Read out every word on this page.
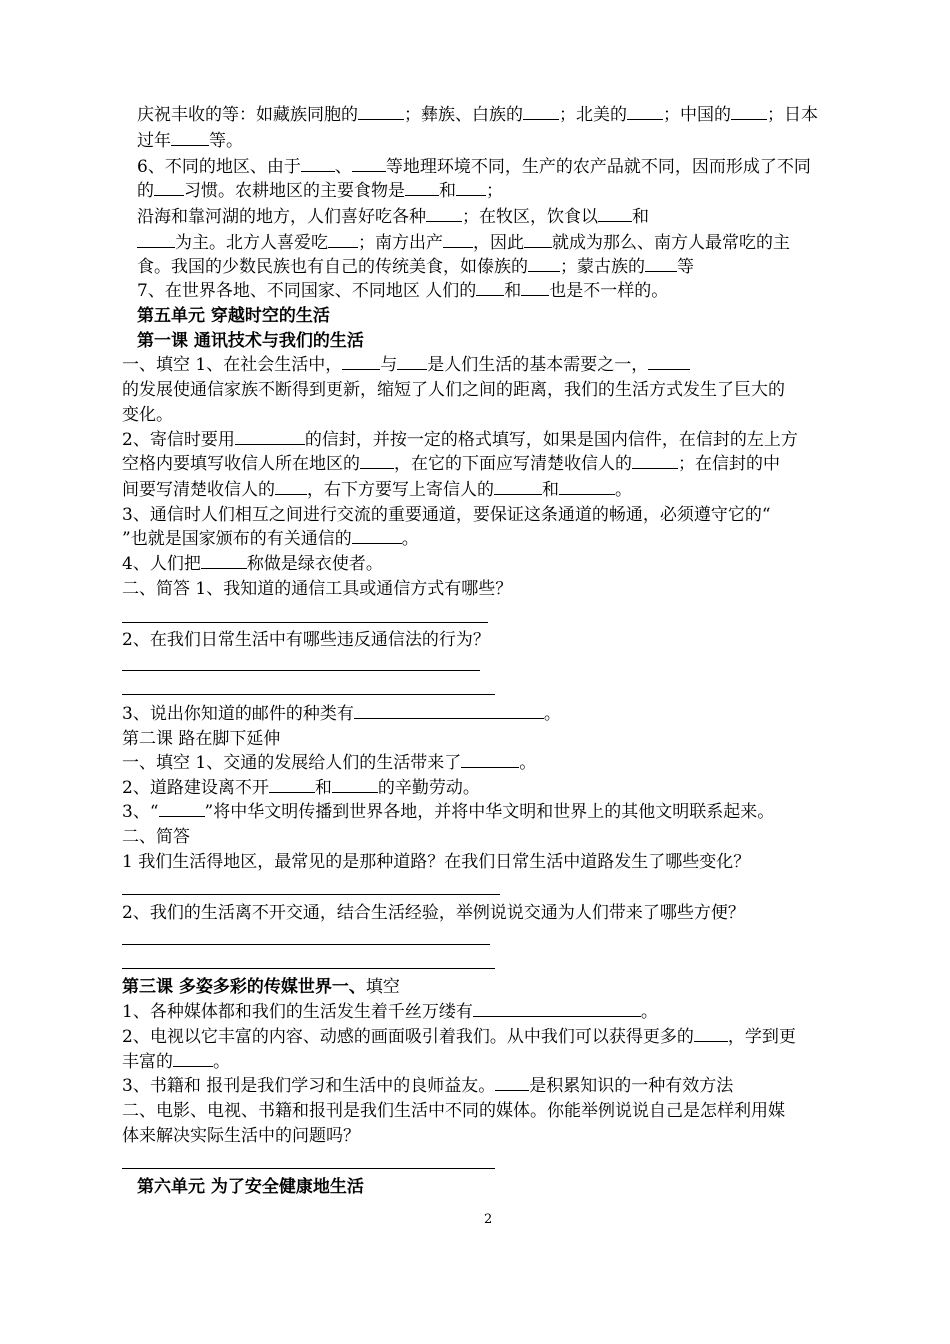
庆祝丰收的等：如藏族同胞的	；彝族、白族的 ；北美的 ；中国的 ；日本
过年 等。
6、不同的地区、由于 、 等地理环境不同，生产的农产品就不同，因而形成了不同
的 习惯。农耕地区的主要食物是 和 ；
沿海和靠河湖的地方，人们喜好吃各种 ；在牧区，饮食以 和
为主。北方人喜爱吃 ；南方出产 ，因此 就成为那么、南方人最常吃的主
食。我国的少数民族也有自己的传统美食，如傣族的 ；蒙古族的 等
7、在世界各地、不同国家、不同地区 人们的 和 也是不一样的。
第五单元 穿越时空的生活
第一课 通讯技术与我们的生活
一、填空 1、在社会生活中， 与 是人们生活的基本需要之一，
的发展使通信家族不断得到更新，缩短了人们之间的距离，我们的生活方式发生了巨大的
变化。
2、寄信时要用	的信封，并按一定的格式填写，如果是国内信件，在信封的左上方
空格内要填写收信人所在地区的 ，在它的下面应写清楚收信人的	；在信封的中
间要写清楚收信人的 ，右下方要写上寄信人的	和	。
3、通信时人们相互之间进行交流的重要通道，要保证这条通道的畅通，必须遵守它的“
”也就是国家颁布的有关通信的	。
4、人们把	称做是绿衣使者。
二、简答 1、我知道的通信工具或通信方式有哪些？
2、在我们日常生活中有哪些违反通信法的行为？
3、说出你知道的邮件的种类有	。
第二课 路在脚下延伸
一、填空 1、交通的发展给人们的生活带来了	。
2、道路建设离不开	和	的辛勤劳动。
3、“	”将中华文明传播到世界各地，并将中华文明和世界上的其他文明联系起来。
二、简答
1 我们生活得地区，最常见的是那种道路？在我们日常生活中道路发生了哪些变化？
2、我们的生活离不开交通，结合生活经验，举例说说交通为人们带来了哪些方便？
第三课 多姿多彩的传媒世界一、填空
1、各种媒体都和我们的生活发生着千丝万缕有	。
2、电视以它丰富的内容、动感的画面吸引着我们。从中我们可以获得更多的 ，学到更
丰富的 。
3、书籍和 报刊是我们学习和生活中的良师益友。 是积累知识的一种有效方法
二、电影、电视、书籍和报刊是我们生活中不同的媒体。你能举例说说自己是怎样利用媒
体来解决实际生活中的问题吗？
第六单元 为了安全健康地生活
2
